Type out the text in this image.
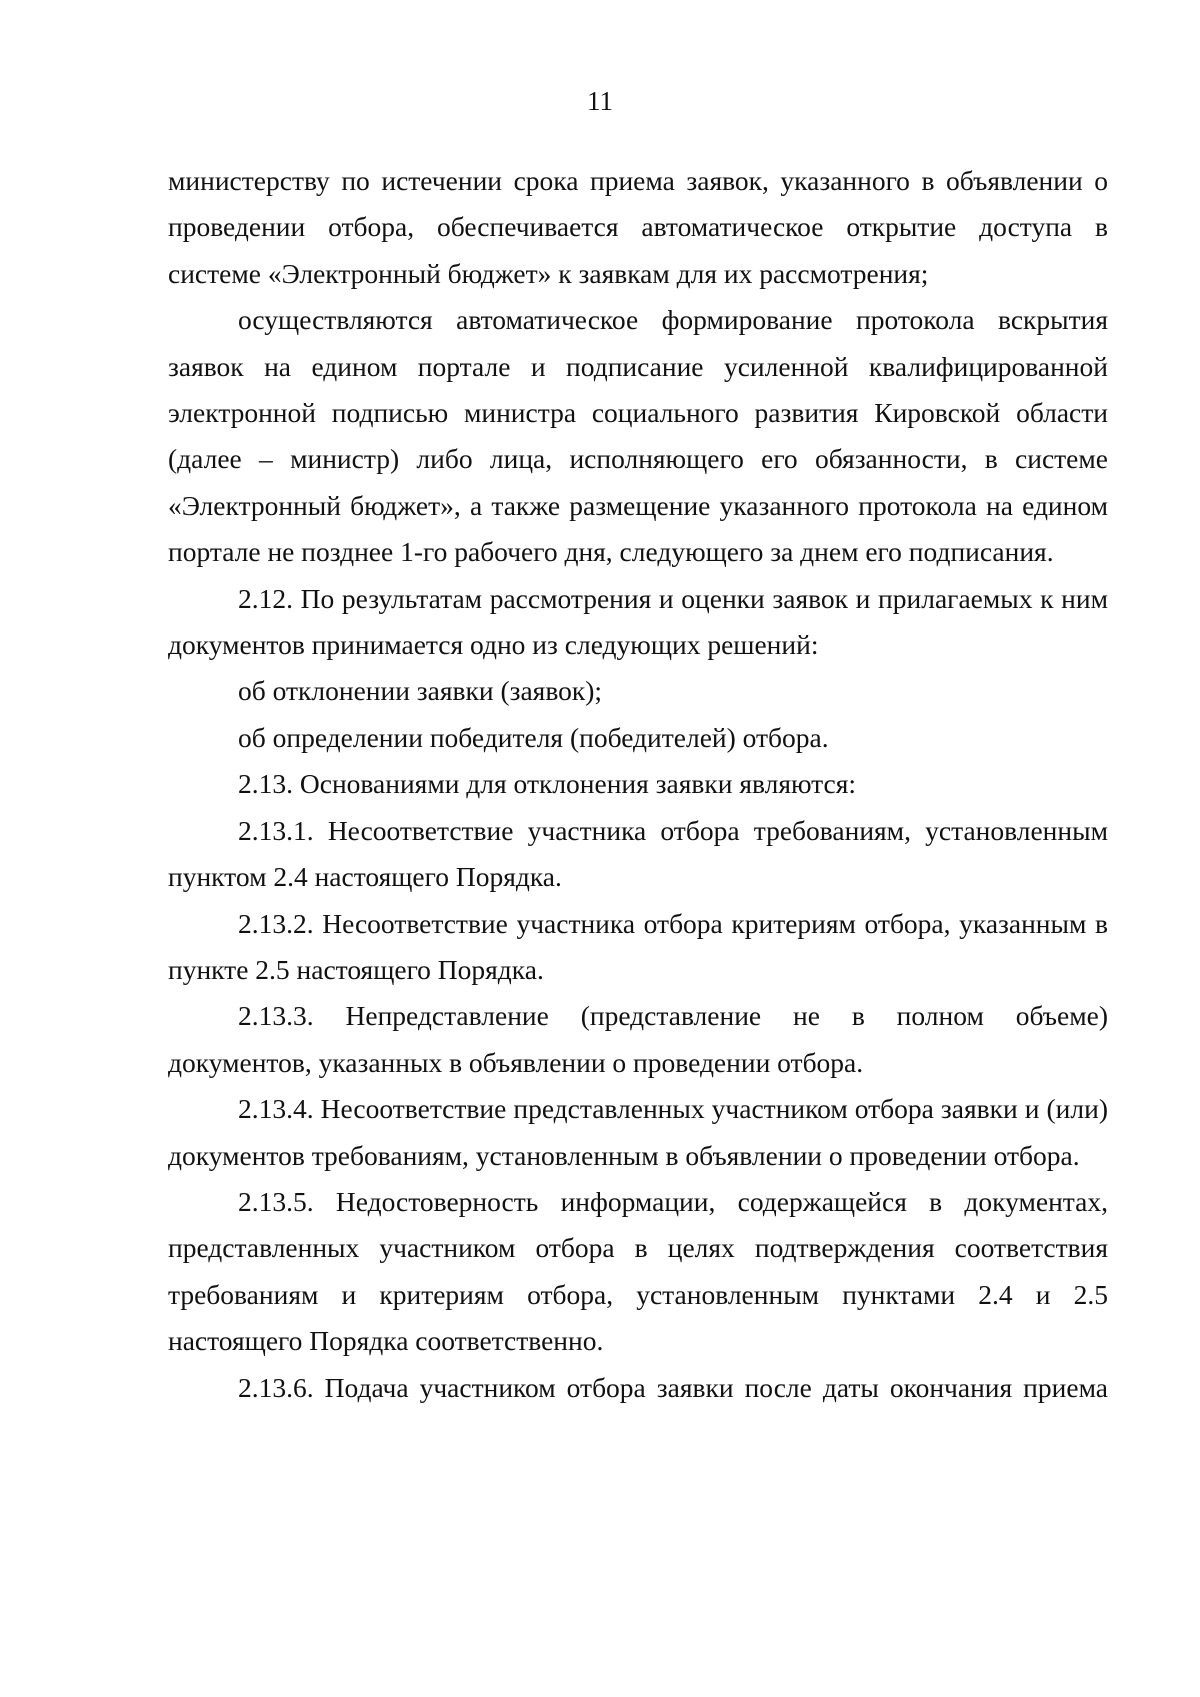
11

министерству по истечении срока приема заявок, указанного в объявлении о проведении отбора, обеспечивается автоматическое открытие доступа в системе «Электронный бюджет» к заявкам для их рассмотрения;

осуществляются автоматическое формирование протокола вскрытия заявок на едином портале и подписание усиленной квалифицированной электронной подписью министра социального развития Кировской области (далее – министр) либо лица, исполняющего его обязанности, в системе «Электронный бюджет», а также размещение указанного протокола на едином портале не позднее 1-го рабочего дня, следующего за днем его подписания.

2.12. По результатам рассмотрения и оценки заявок и прилагаемых к ним документов принимается одно из следующих решений:

об отклонении заявки (заявок);

об определении победителя (победителей) отбора.

2.13. Основаниями для отклонения заявки являются:

2.13.1. Несоответствие участника отбора требованиям, установленным пунктом 2.4 настоящего Порядка.

2.13.2. Несоответствие участника отбора критериям отбора, указанным в пункте 2.5 настоящего Порядка.

2.13.3. Непредставление (представление не в полном объеме) документов, указанных в объявлении о проведении отбора.

2.13.4. Несоответствие представленных участником отбора заявки и (или) документов требованиям, установленным в объявлении о проведении отбора.

2.13.5. Недостоверность информации, содержащейся в документах, представленных участником отбора в целях подтверждения соответствия требованиям и критериям отбора, установленным пунктами 2.4 и 2.5 настоящего Порядка соответственно.

2.13.6. Подача участником отбора заявки после даты окончания приема
